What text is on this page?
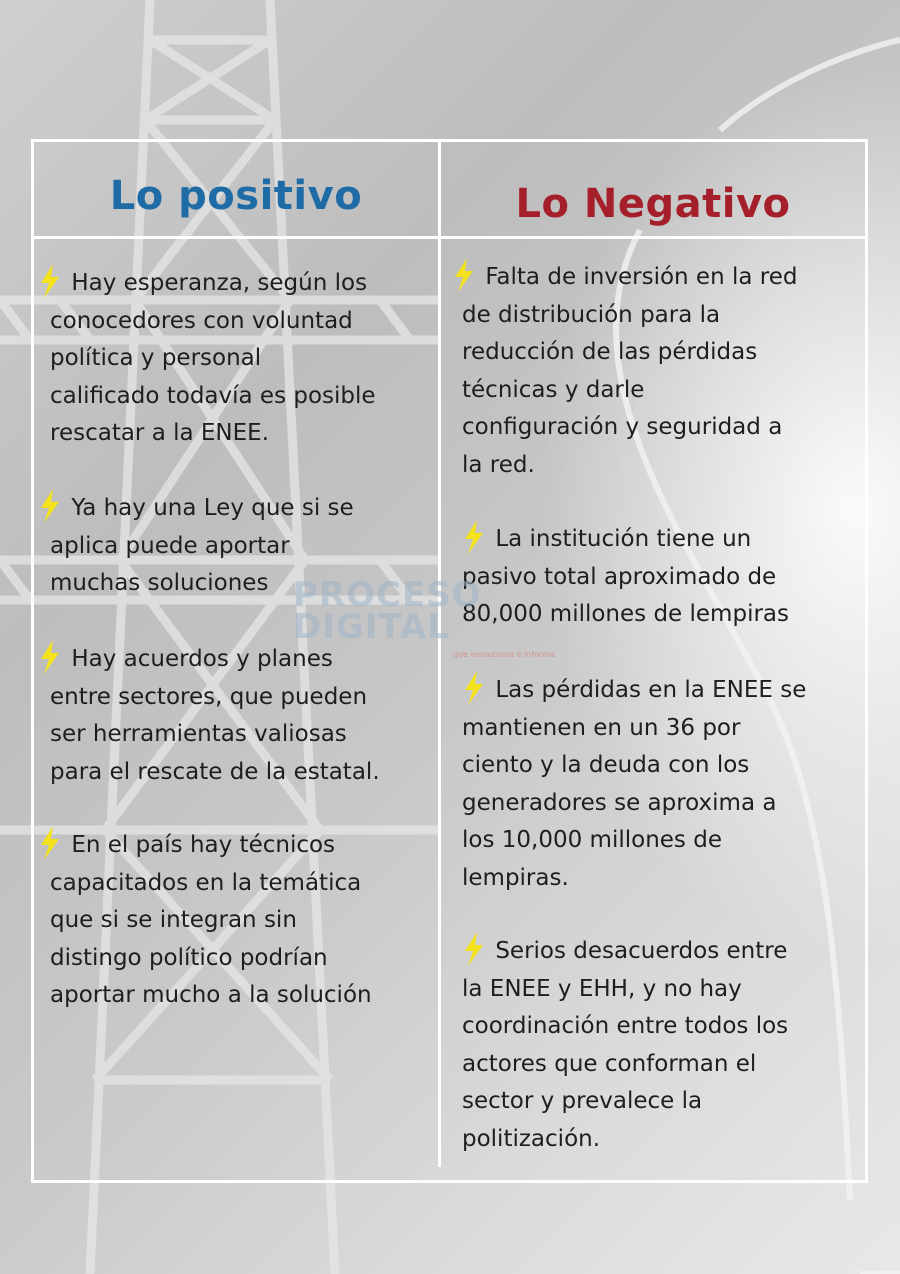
Lo positivo	Lo Negativo
Hay esperanza, según los
conocedores con voluntad
política y personal
calificado todavía es posible
rescatar a la ENEE.
Ya hay una Ley que si se
aplica puede aportar
muchas soluciones
Hay acuerdos y planes
entre sectores, que pueden
ser herramientas valiosas
para el rescate de la estatal.
En el país hay técnicos
capacitados en la temática
que si se integran sin
distingo político podrían
aportar mucho a la solución
Falta de inversión en la red
de distribución para la
reducción de las pérdidas
técnicas y darle
configuración y seguridad a
la red.
La institución tiene un
pasivo total aproximado de
80,000 millones de lempiras
Las pérdidas en la ENEE se
mantienen en un 36 por
ciento y la deuda con los
generadores se aproxima a
los 10,000 millones de
lempiras.
Serios desacuerdos entre
la ENEE y EHH, y no hay
coordinación entre todos los
actores que conforman el
sector y prevalece la
politización.
PROCESO
DIGITAL
que evoluciona e informa
